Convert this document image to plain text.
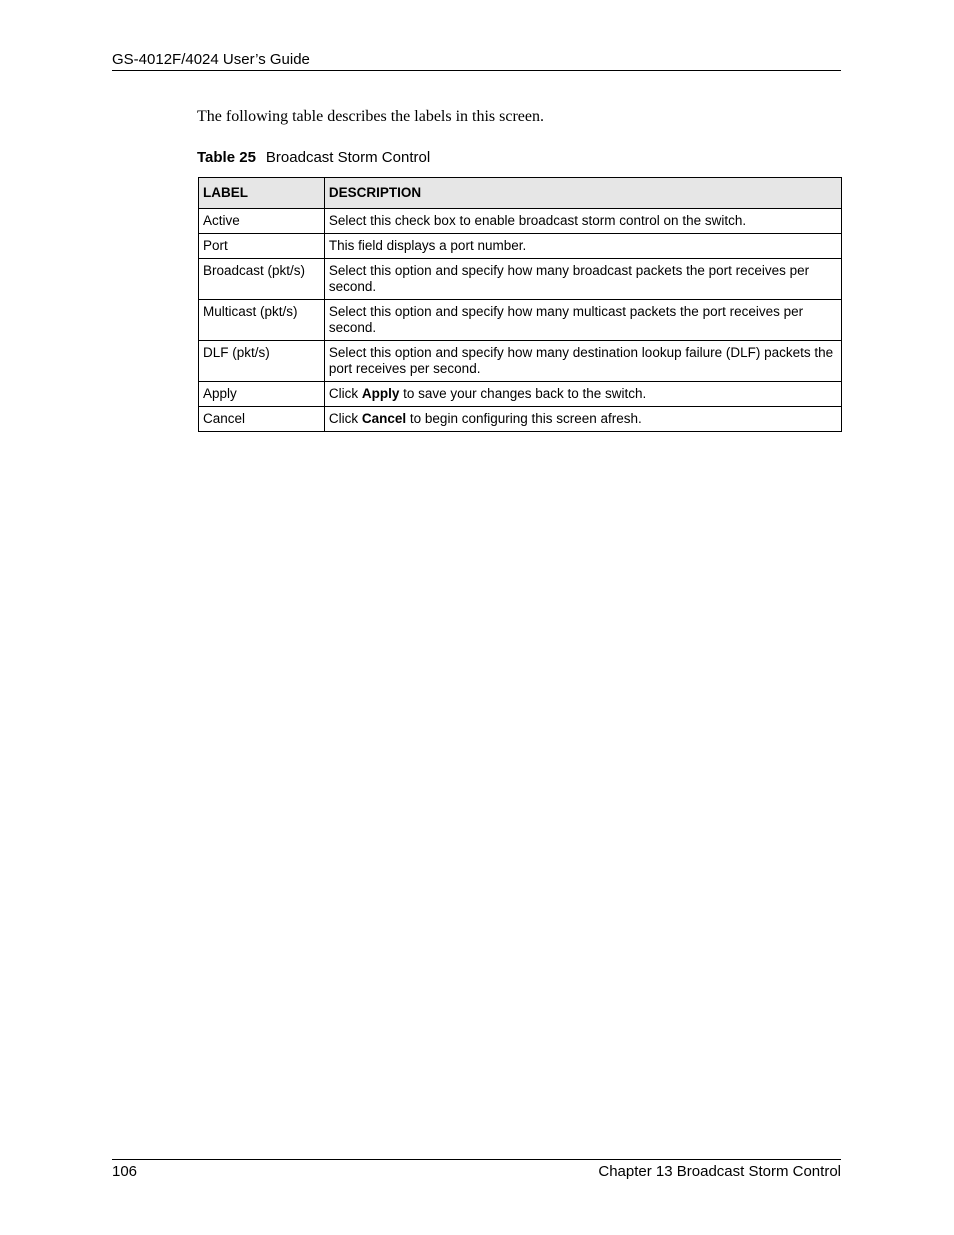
GS-4012F/4024 User’s Guide
The following table describes the labels in this screen.
Table 25 Broadcast Storm Control
LABEL	DESCRIPTION
Active	Select this check box to enable broadcast storm control on the switch.
Port	This field displays a port number.
Broadcast (pkt/s)	Select this option and specify how many broadcast packets the port receives per second.
Multicast (pkt/s)	Select this option and specify how many multicast packets the port receives per second.
DLF (pkt/s)	Select this option and specify how many destination lookup failure (DLF) packets the port receives per second.
Apply	Click Apply to save your changes back to the switch.
Cancel	Click Cancel to begin configuring this screen afresh.
106	Chapter 13 Broadcast Storm Control
